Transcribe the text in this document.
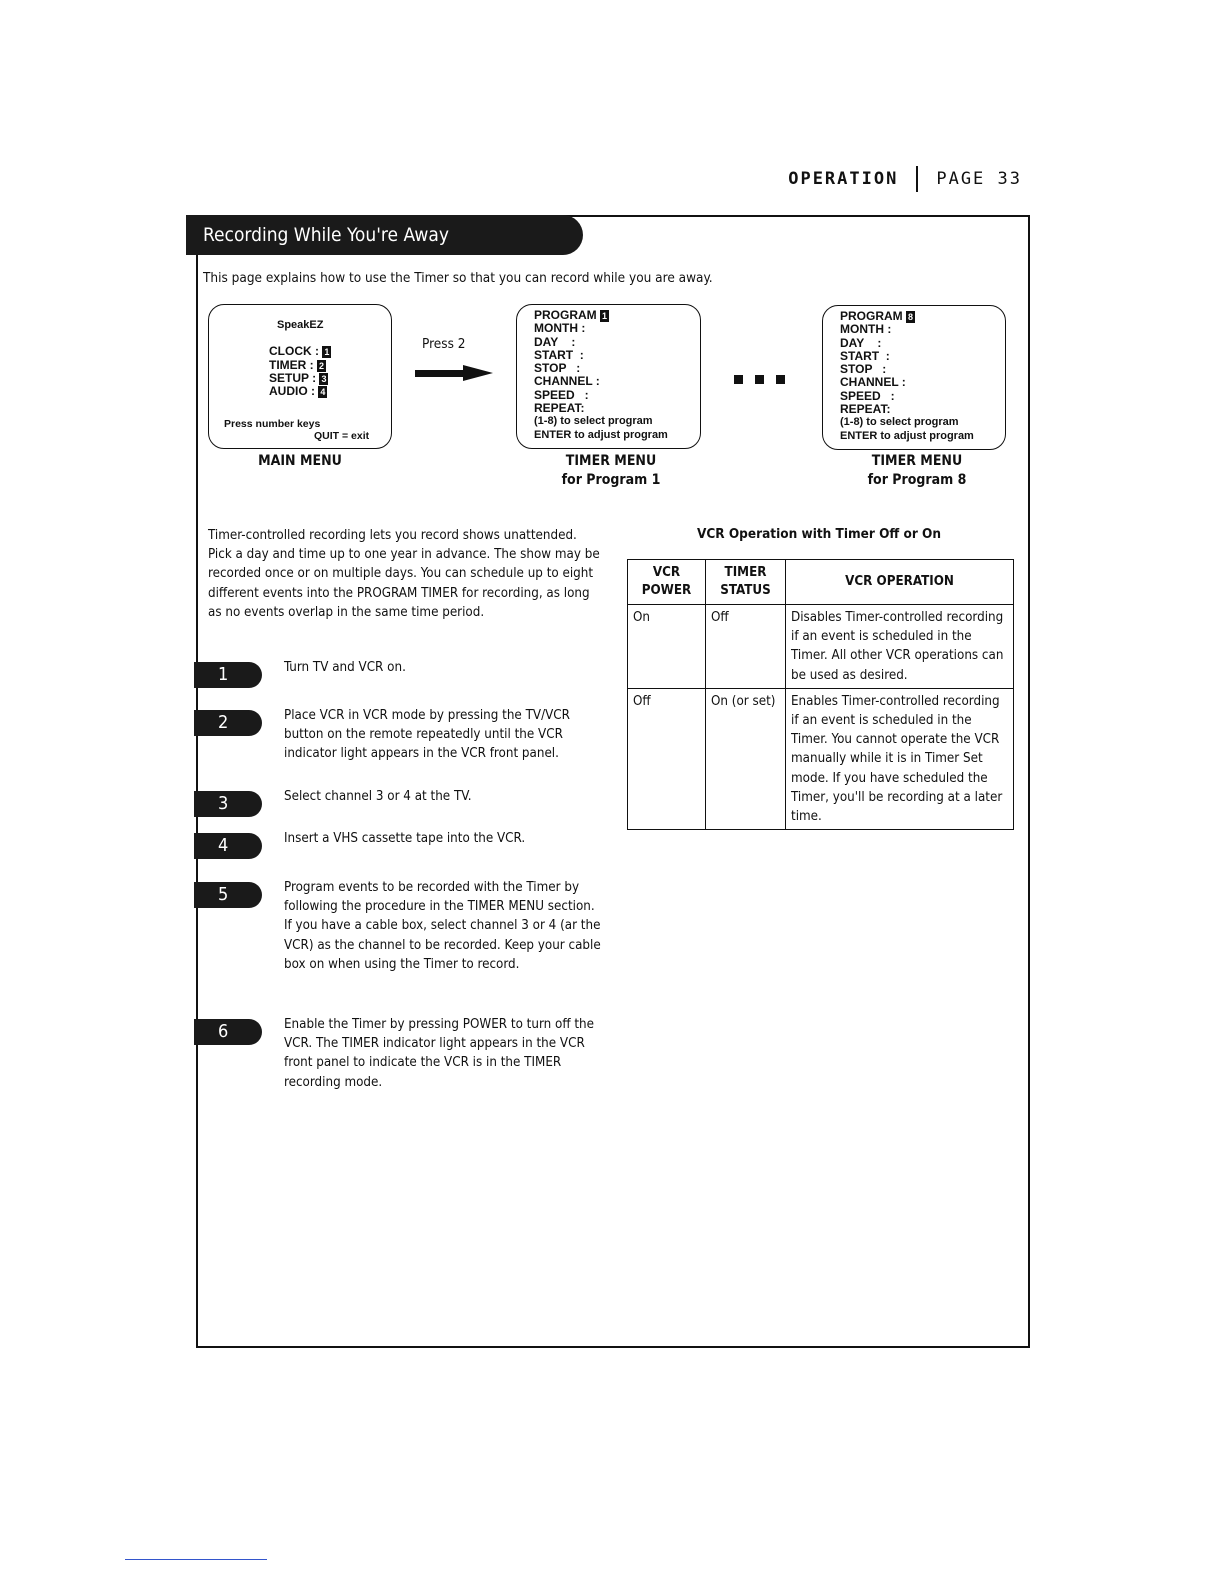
OPERATION PAGE 33
Recording While You're Away
This page explains how to use the Timer so that you can record while you are away.
SpeakEZ
CLOCK : 1
TIMER : 2
SETUP : 3
AUDIO : 4
Press number keys
QUIT = exit
MAIN MENU
Press 2
PROGRAM 1
MONTH :
DAY    :
START  :
STOP   :
CHANNEL :
SPEED   :
REPEAT:
(1-8) to select program
ENTER to adjust program
TIMER MENU
for Program 1
PROGRAM 8
MONTH :
DAY    :
START  :
STOP   :
CHANNEL :
SPEED   :
REPEAT:
(1-8) to select program
ENTER to adjust program
TIMER MENU
for Program 8
Timer-controlled recording lets you record shows unattended. Pick a day and time up to one year in advance. The show may be recorded once or on multiple days. You can schedule up to eight different events into the PROGRAM TIMER for recording, as long as no events overlap in the same time period.
1	Turn TV and VCR on.
2	Place VCR in VCR mode by pressing the TV/VCR button on the remote repeatedly until the VCR indicator light appears in the VCR front panel.
3	Select channel 3 or 4 at the TV.
4	Insert a VHS cassette tape into the VCR.
5	Program events to be recorded with the Timer by following the procedure in the TIMER MENU section. If you have a cable box, select channel 3 or 4 (ar the VCR) as the channel to be recorded. Keep your cable box on when using the Timer to record.
6	Enable the Timer by pressing POWER to turn off the VCR. The TIMER indicator light appears in the VCR front panel to indicate the VCR is in the TIMER recording mode.
VCR Operation with Timer Off or On
VCR POWER	TIMER STATUS	VCR OPERATION
On	Off	Disables Timer-controlled recording if an event is scheduled in the Timer. All other VCR operations can be used as desired.
Off	On (or set)	Enables Timer-controlled recording if an event is scheduled in the Timer. You cannot operate the VCR manually while it is in Timer Set mode. If you have scheduled the Timer, you'll be recording at a later time.
